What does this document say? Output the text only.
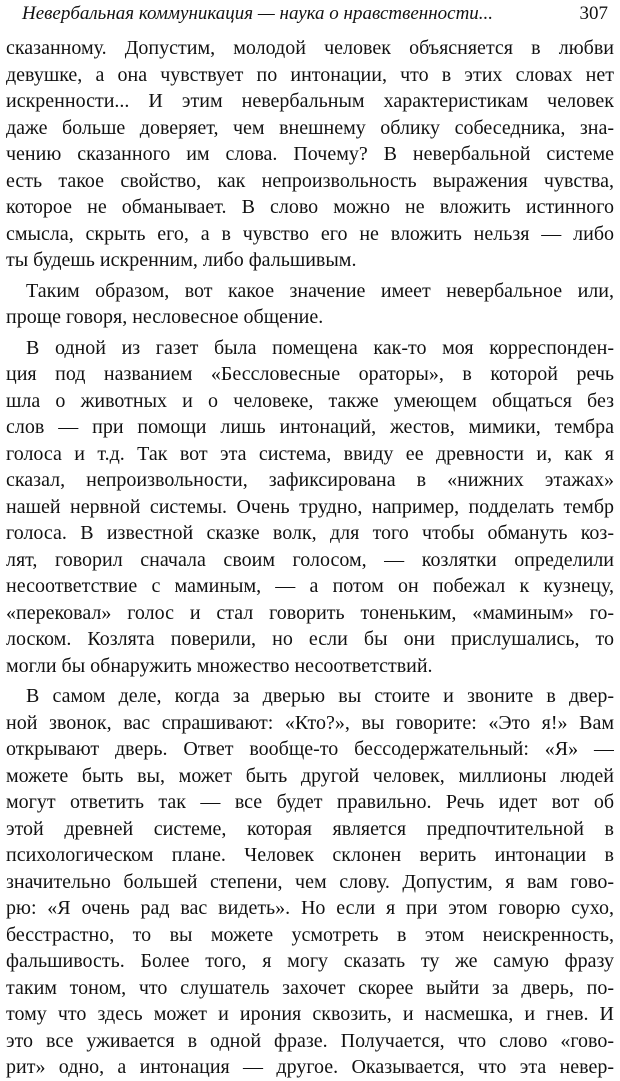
Невербальная коммуникация — наука о нравственности...	307
сказанному. Допустим, молодой человек объясняется в любви
девушке, а она чувствует по интонации, что в этих словах нет
искренности... И этим невербальным характеристикам человек
даже больше доверяет, чем внешнему облику собеседника, зна-
чению сказанного им слова. Почему? В невербальной системе
есть такое свойство, как непроизвольность выражения чувства,
которое не обманывает. В слово можно не вложить истинного
смысла, скрыть его, а в чувство его не вложить нельзя — либо
ты будешь искренним, либо фальшивым.
Таким образом, вот какое значение имеет невербальное или,
проще говоря, несловесное общение.
В одной из газет была помещена как-то моя корреспонден-
ция под названием «Бессловесные ораторы», в которой речь
шла о животных и о человеке, также умеющем общаться без
слов — при помощи лишь интонаций, жестов, мимики, тембра
голоса и т.д. Так вот эта система, ввиду ее древности и, как я
сказал, непроизвольности, зафиксирована в «нижних этажах»
нашей нервной системы. Очень трудно, например, подделать тембр
голоса. В известной сказке волк, для того чтобы обмануть коз-
лят, говорил сначала своим голосом, — козлятки определили
несоответствие с маминым, — а потом он побежал к кузнецу,
«перековал» голос и стал говорить тоненьким, «маминым» го-
лоском. Козлята поверили, но если бы они прислушались, то
могли бы обнаружить множество несоответствий.
В самом деле, когда за дверью вы стоите и звоните в двер-
ной звонок, вас спрашивают: «Кто?», вы говорите: «Это я!» Вам
открывают дверь. Ответ вообще-то бессодержательный: «Я» —
можете быть вы, может быть другой человек, миллионы людей
могут ответить так — все будет правильно. Речь идет вот об
этой древней системе, которая является предпочтительной в
психологическом плане. Человек склонен верить интонации в
значительно большей степени, чем слову. Допустим, я вам гово-
рю: «Я очень рад вас видеть». Но если я при этом говорю сухо,
бесстрастно, то вы можете усмотреть в этом неискренность,
фальшивость. Более того, я могу сказать ту же самую фразу
таким тоном, что слушатель захочет скорее выйти за дверь, по-
тому что здесь может и ирония сквозить, и насмешка, и гнев. И
это все уживается в одной фразе. Получается, что слово «гово-
рит» одно, а интонация — другое. Оказывается, что эта невер-
